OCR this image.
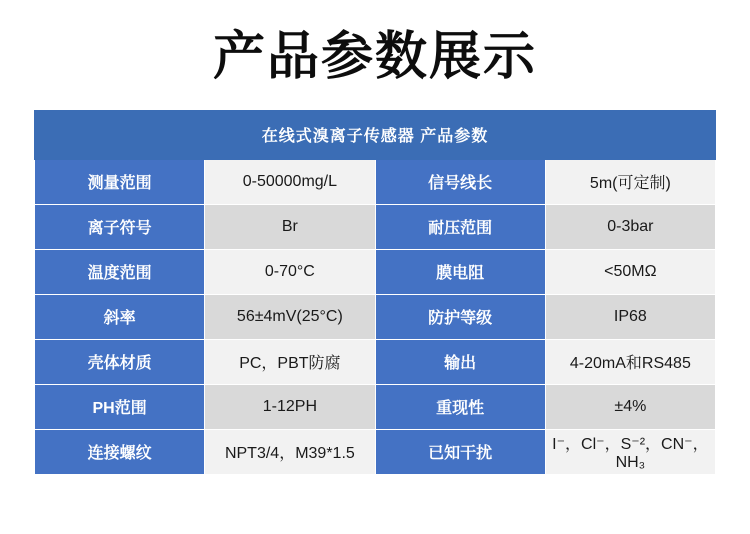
产品参数展示
在线式溴离子传感器 产品参数			
测量范围	0-50000mg/L	信号线长	5m(可定制)
离子符号	Br	耐压范围	0-3bar
温度范围	0-70°C	膜电阻	<50MΩ
斜率	56±4mV(25°C)	防护等级	IP68
壳体材质	PC，PBT防腐	输出	4-20mA和RS485
PH范围	1-12PH	重现性	±4%
连接螺纹	NPT3/4，M39*1.5	已知干扰	I⁻，Cl⁻，S⁻²，CN⁻，NH₃
